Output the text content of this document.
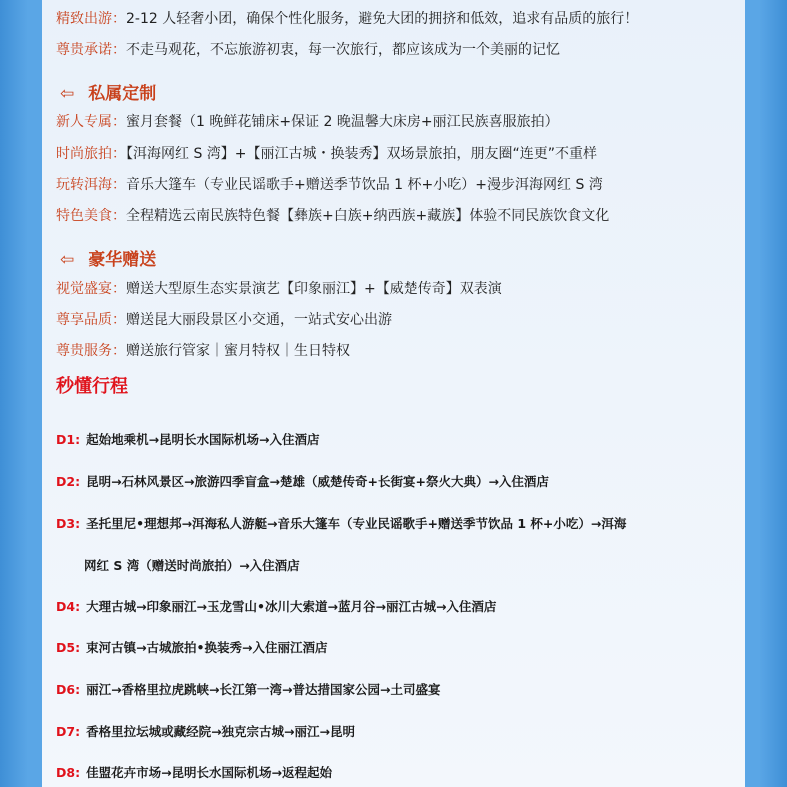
精致出游：2-12 人轻奢小团，确保个性化服务，避免大团的拥挤和低效，追求有品质的旅行！
尊贵承诺：不走马观花，不忘旅游初衷，每一次旅行，都应该成为一个美丽的记忆
⇦ 私属定制
新人专属：蜜月套餐（1 晚鲜花铺床+保证 2 晚温馨大床房+丽江民族喜服旅拍）
时尚旅拍：【洱海网红 S 湾】+【丽江古城・换装秀】双场景旅拍，朋友圈“连更”不重样
玩转洱海：音乐大篷车（专业民谣歌手+赠送季节饮品 1 杯+小吃）+漫步洱海网红 S 湾
特色美食：全程精选云南民族特色餐【彝族+白族+纳西族+藏族】体验不同民族饮食文化
⇦ 豪华赠送
视觉盛宴：赠送大型原生态实景演艺【印象丽江】+【威楚传奇】双表演
尊享品质：赠送昆大丽段景区小交通，一站式安心出游
尊贵服务：赠送旅行管家｜蜜月特权｜生日特权
秒懂行程
D1: 起始地乘机→昆明长水国际机场→入住酒店
D2: 昆明→石林风景区→旅游四季盲盒→楚雄（威楚传奇+长街宴+祭火大典）→入住酒店
D3: 圣托里尼•理想邦→洱海私人游艇→音乐大篷车（专业民谣歌手+赠送季节饮品 1 杯+小吃）→洱海
网红 S 湾（赠送时尚旅拍）→入住酒店
D4: 大理古城→印象丽江→玉龙雪山•冰川大索道→蓝月谷→丽江古城→入住酒店
D5: 束河古镇→古城旅拍•换装秀→入住丽江酒店
D6: 丽江→香格里拉虎跳峡→长江第一湾→普达措国家公园→土司盛宴
D7: 香格里拉坛城或藏经院→独克宗古城→丽江→昆明
D8: 佳盟花卉市场→昆明长水国际机场→返程起始
